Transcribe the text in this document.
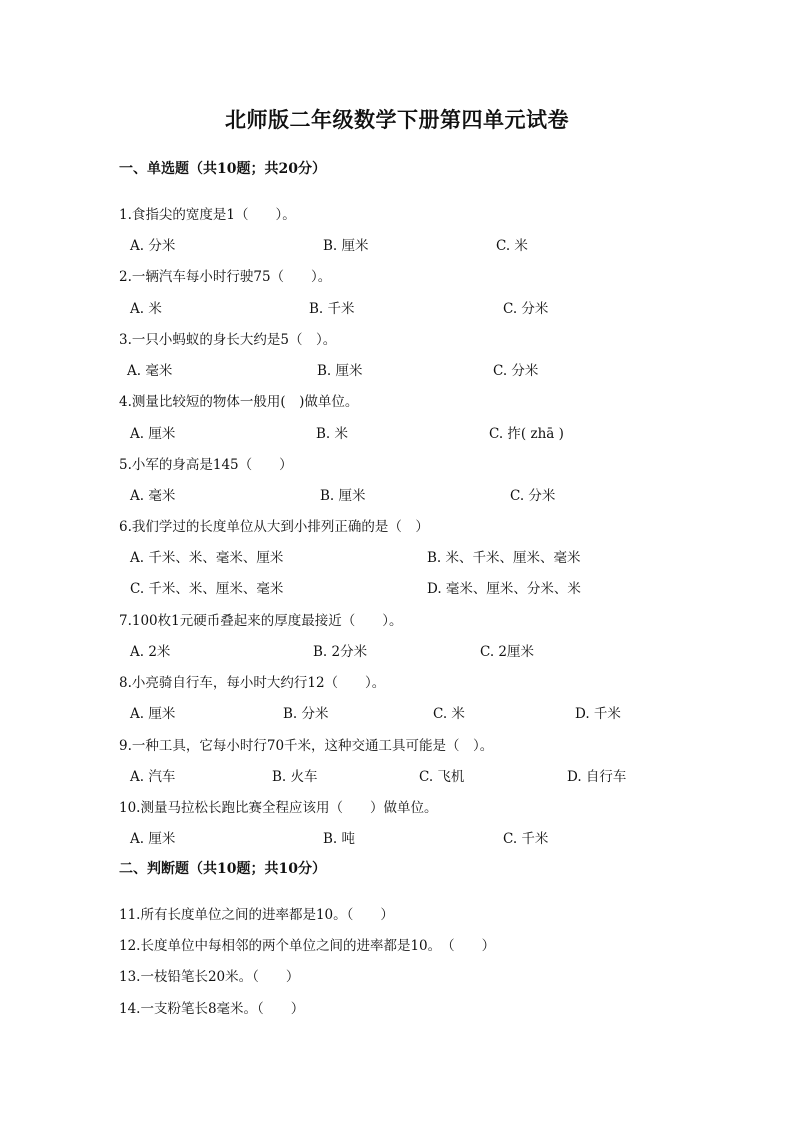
北师版二年级数学下册第四单元试卷
一、单选题（共10题；共20分）
1.食指尖的宽度是1（　　）。
A. 分米	B. 厘米	C. 米
2.一辆汽车每小时行驶75（　　）。
A. 米	B. 千米	C. 分米
3.一只小蚂蚁的身长大约是5（　）。
A. 毫米	B. 厘米	C. 分米
4.测量比较短的物体一般用(　)做单位。
A. 厘米	B. 米	C. 拃( zhā )
5.小军的身高是145（　　）
A. 毫米	B. 厘米	C. 分米
6.我们学过的长度单位从大到小排列正确的是（　）
A. 千米、米、毫米、厘米	B. 米、千米、厘米、毫米
C. 千米、米、厘米、毫米	D. 毫米、厘米、分米、米
7.100枚1元硬币叠起来的厚度最接近（　　）。
A. 2米	B. 2分米	C. 2厘米
8.小亮骑自行车，每小时大约行12（　　）。
A. 厘米	B. 分米	C. 米	D. 千米
9.一种工具，它每小时行70千米，这种交通工具可能是（　）。
A. 汽车	B. 火车	C. 飞机	D. 自行车
10.测量马拉松长跑比赛全程应该用（　　）做单位。
A. 厘米	B. 吨	C. 千米
二、判断题（共10题；共10分）
11.所有长度单位之间的进率都是10。（　　）
12.长度单位中每相邻的两个单位之间的进率都是10。　（　　）
13.一枝铅笔长20米。（　　）
14.一支粉笔长8毫米。（　　）
